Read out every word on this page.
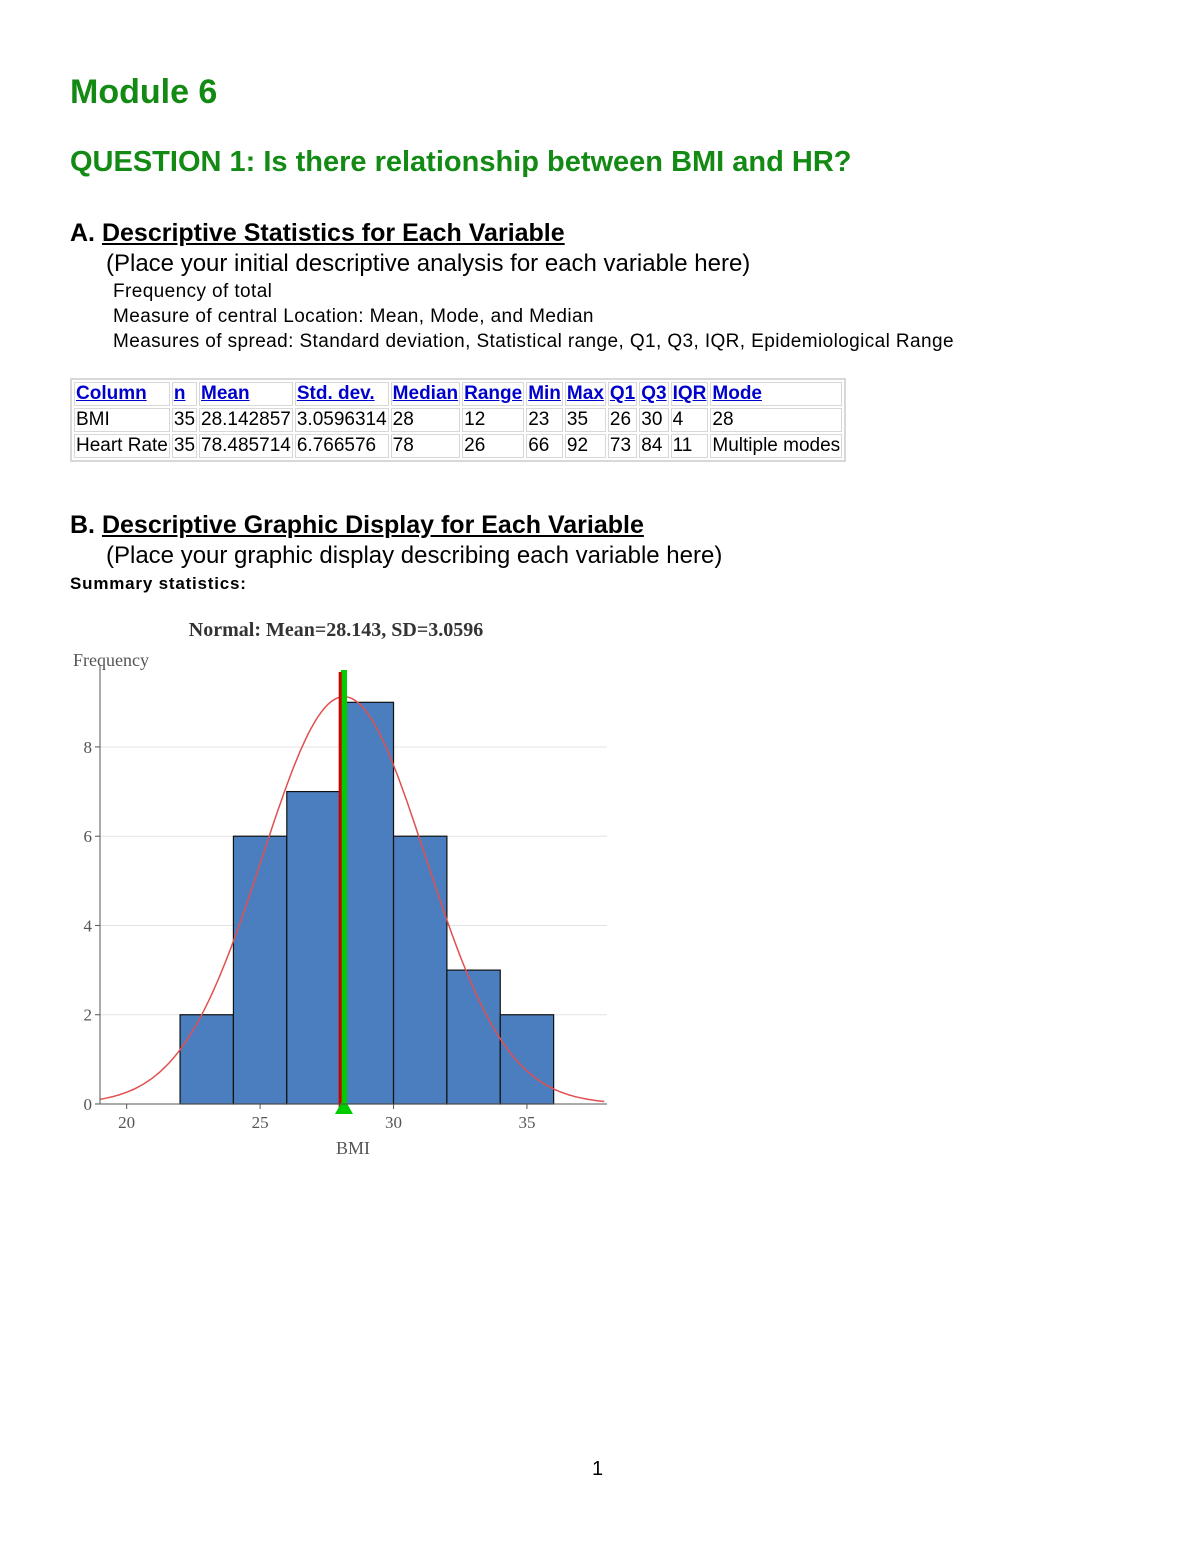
Module 6
QUESTION 1: Is there relationship between BMI and HR?
A. Descriptive Statistics for Each Variable
(Place your initial descriptive analysis for each variable here)
Frequency of total
Measure of central Location: Mean, Mode, and Median
Measures of spread: Standard deviation, Statistical range, Q1, Q3, IQR, Epidemiological Range
Column	n	Mean	Std. dev.	Median	Range	Min	Max	Q1	Q3	IQR	Mode
BMI	35	28.142857	3.0596314	28	12	23	35	26	30	4	28
Heart Rate	35	78.485714	6.766576	78	26	66	92	73	84	11	Multiple modes
B. Descriptive Graphic Display for Each Variable
(Place your graphic display describing each variable here)
Summary statistics:
0
2
4
6
8
20	25	30	35
Normal: Mean=28.143, SD=3.0596
Frequency
BMI
1
